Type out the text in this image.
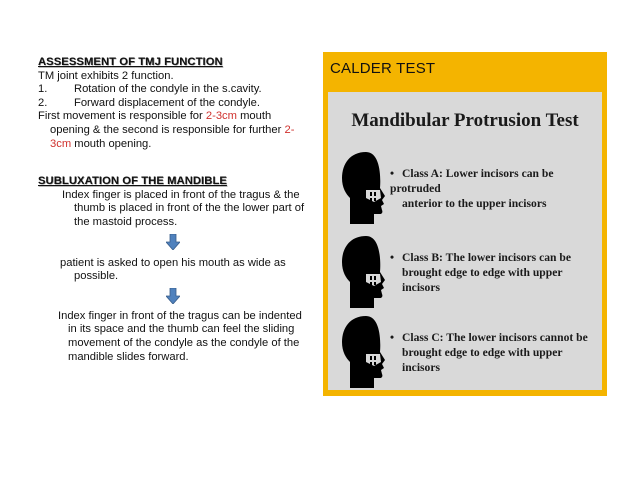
ASSESSMENT OF TMJ FUNCTION
TM joint exhibits 2 function.
1.	Rotation of the condyle in the s.cavity.
2.	Forward displacement of the condyle.
First movement is responsible for 2-3cm mouth opening & the second is responsible for further 2-3cm mouth opening.
SUBLUXATION OF THE MANDIBLE
Index finger is placed in front of the tragus & the thumb is placed in front of the the lower part of the mastoid process.
patient is asked to open his mouth as wide as possible.
Index finger in front of the tragus can be indented in its space and the thumb can feel the sliding movement of the condyle as the condyle of the mandible slides forward.
CALDER TEST
Mandibular Protrusion Test
• Class A: Lower incisors can be protruded
anterior to the upper incisors
• Class B: The lower incisors can be
brought edge to edge with upper incisors
• Class C: The lower incisors cannot be
brought edge to edge with upper incisors
